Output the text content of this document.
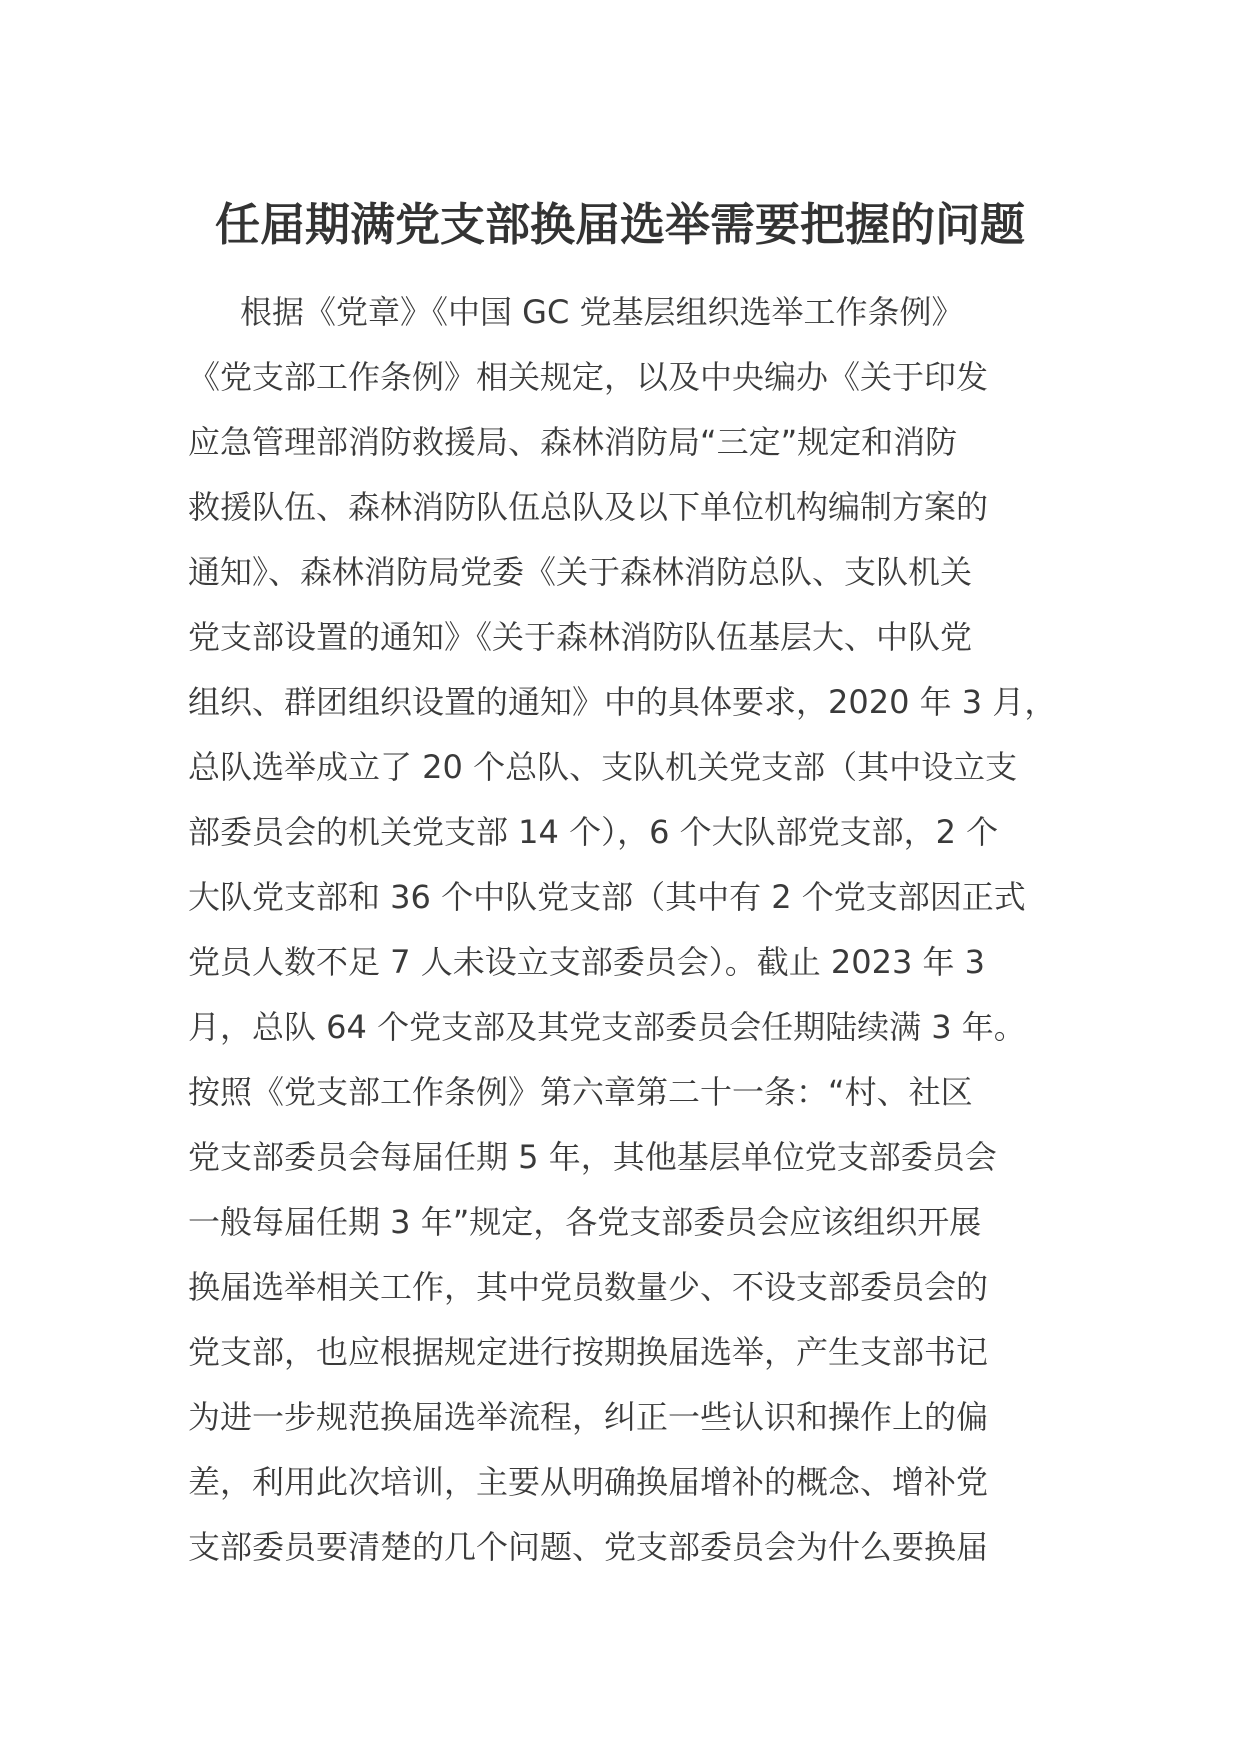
任届期满党支部换届选举需要把握的问题
根据《党章》《中国 GC 党基层组织选举工作条例》
《党支部工作条例》相关规定，以及中央编办《关于印发
应急管理部消防救援局、森林消防局“三定”规定和消防
救援队伍、森林消防队伍总队及以下单位机构编制方案的
通知》、森林消防局党委《关于森林消防总队、支队机关
党支部设置的通知》《关于森林消防队伍基层大、中队党
组织、群团组织设置的通知》中的具体要求，2020 年 3 月，
总队选举成立了 20 个总队、支队机关党支部（其中设立支
部委员会的机关党支部 14 个），6 个大队部党支部，2 个
大队党支部和 36 个中队党支部（其中有 2 个党支部因正式
党员人数不足 7 人未设立支部委员会）。截止 2023 年 3
月，总队 64 个党支部及其党支部委员会任期陆续满 3 年。
按照《党支部工作条例》第六章第二十一条：“村、社区
党支部委员会每届任期 5 年，其他基层单位党支部委员会
一般每届任期 3 年”规定，各党支部委员会应该组织开展
换届选举相关工作，其中党员数量少、不设支部委员会的
党支部，也应根据规定进行按期换届选举，产生支部书记
为进一步规范换届选举流程，纠正一些认识和操作上的偏
差，利用此次培训，主要从明确换届增补的概念、增补党
支部委员要清楚的几个问题、党支部委员会为什么要换届
